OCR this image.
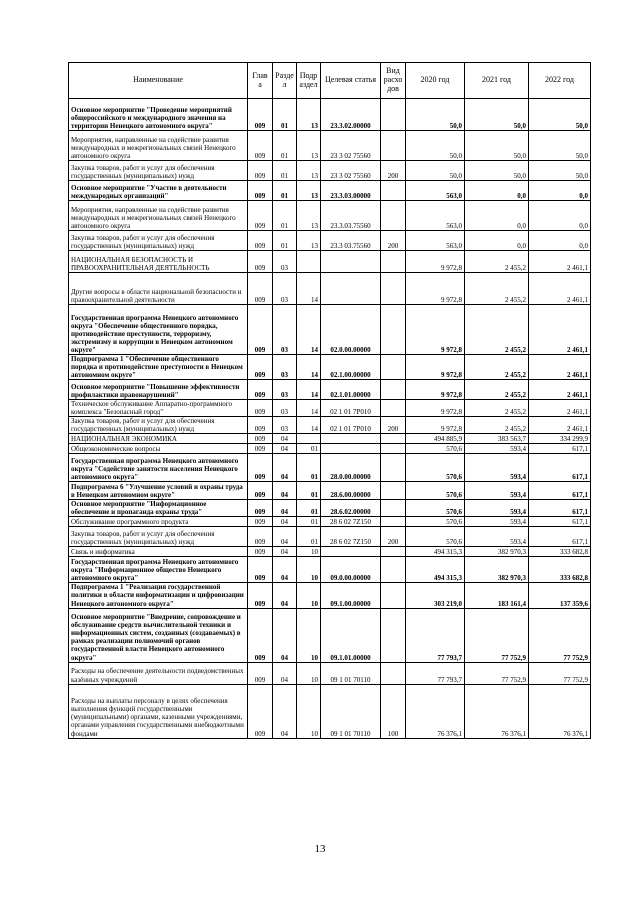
Наименование	Глав а	Разде л	Подр аздел	Целевая статья	Вид расхо дов	2020 год	2021 год	2022 год
Основное мероприятие "Проведение мероприятий общероссийского и международного значения на территории Ненецкого автономного округа"	009	01	13	23.3.02.00000		50,0	50,0	50,0
Мероприятия, направленные на содействие развития международных и межрегиональных связей Ненецкого автономного округа	009	01	13	23 3 02 75560		50,0	50,0	50,0
Закупка товаров, работ и услуг для обеспечения государственных (муниципальных) нужд	009	01	13	23 3 02 75560	200	50,0	50,0	50,0
Основное мероприятие "Участие в деятельности международных организаций"	009	01	13	23.3.03.00000		563,0	0,0	0,0
Мероприятия, направленные на содействие развития международных и межрегиональных связей Ненецкого автономного округа	009	01	13	23.3.03.75560		563,0	0,0	0,0
Закупка товаров, работ и услуг для обеспечения государственных (муниципальных) нужд	009	01	13	23.3 03.75560	200	563,0	0,0	0,0
НАЦИОНАЛЬНАЯ БЕЗОПАСНОСТЬ И ПРАВООХРАНИТЕЛЬНАЯ ДЕЯТЕЛЬНОСТЬ	009	03				9 972,8	2 455,2	2 461,1
Другие вопросы в области национальной безопасности и правоохранительной деятельности	009	03	14			9 972,8	2 455,2	2 461,1
Государственная программа Ненецкого автономного округа "Обеспечение общественного порядка, противодействие преступности, терроризму, экстремизму и коррупции в Ненецком автономном округе"	009	03	14	02.0.00.00000		9 972,8	2 455,2	2 461,1
Подпрограмма 1 "Обеспечение общественного порядка и противодействие преступности в Ненецком автономном округе"	009	03	14	02.1.00.00000		9 972,8	2 455,2	2 461,1
Основное мероприятие "Повышение эффективности профилактики правонарушений"	009	03	14	02.1.01.00000		9 972,8	2 455,2	2 461,1
Техническое обслуживание Аппаратно-программного комплекса "Безопасный город"	009	03	14	02 1 01 7Р010		9 972,8	2 455,2	2 461,1
Закупка товаров, работ и услуг для обеспечения государственных (муниципальных) нужд	009	03	14	02 1 01 7Р010	200	9 972,8	2 455,2	2 461,1
НАЦИОНАЛЬНАЯ ЭКОНОМИКА	009	04				494 885,9	383 563,7	334 299,9
Общеэкономические вопросы	009	04	01			570,6	593,4	617,1
Государственная программа Ненецкого автономного округа "Содействие занятости населения Ненецкого автономного округа"	009	04	01	28.0.00.00000		570,6	593,4	617,1
Подпрограмма 6 "Улучшение условий и охраны труда в Ненецком автономном округе"	009	04	01	28.6.00.00000		570,6	593,4	617,1
Основное мероприятие "Информационное обеспечение и пропаганда охраны труда"	009	04	01	28.6.02.00000		570,6	593,4	617,1
Обслуживание программного продукта	009	04	01	28 6 02 7Z150		570,6	593,4	617,1
Закупка товаров, работ и услуг для обеспечения государственных (муниципальных) нужд	009	04	01	28 6 02 7Z150	200	570,6	593,4	617,1
Связь и информатика	009	04	10			494 315,3	382 970,3	333 682,8
Государственная программа Ненецкого автономного округа "Информационное общество Ненецкого автономного округа"	009	04	10	09.0.00.00000		494 315,3	382 970,3	333 682,8
Подпрограмма 1 "Реализация государственной политики в области информатизации и цифровизации Ненецкого автономного округа"	009	04	10	09.1.00.00000		303 219,0	183 161,4	137 359,6
Основное мероприятие "Внедрение, сопровождение и обслуживание средств вычислительной техники и информационных систем, созданных (создаваемых) в рамках реализации полномочий органов государственной власти Ненецкого автономного округа"	009	04	10	09.1.01.00000		77 793,7	77 752,9	77 752,9
Расходы на обеспечение деятельности подведомственных казённых учреждений	009	04	10	09 1 01 70110		77 793,7	77 752,9	77 752,9
Расходы на выплаты персоналу в целях обеспечения выполнения функций государственными (муниципальными) органами, казенными учреждениями, органами управления государственными внебюджетными фондами	009	04	10	09 1 01 70110	100	76 376,1	76 376,1	76 376,1
13
